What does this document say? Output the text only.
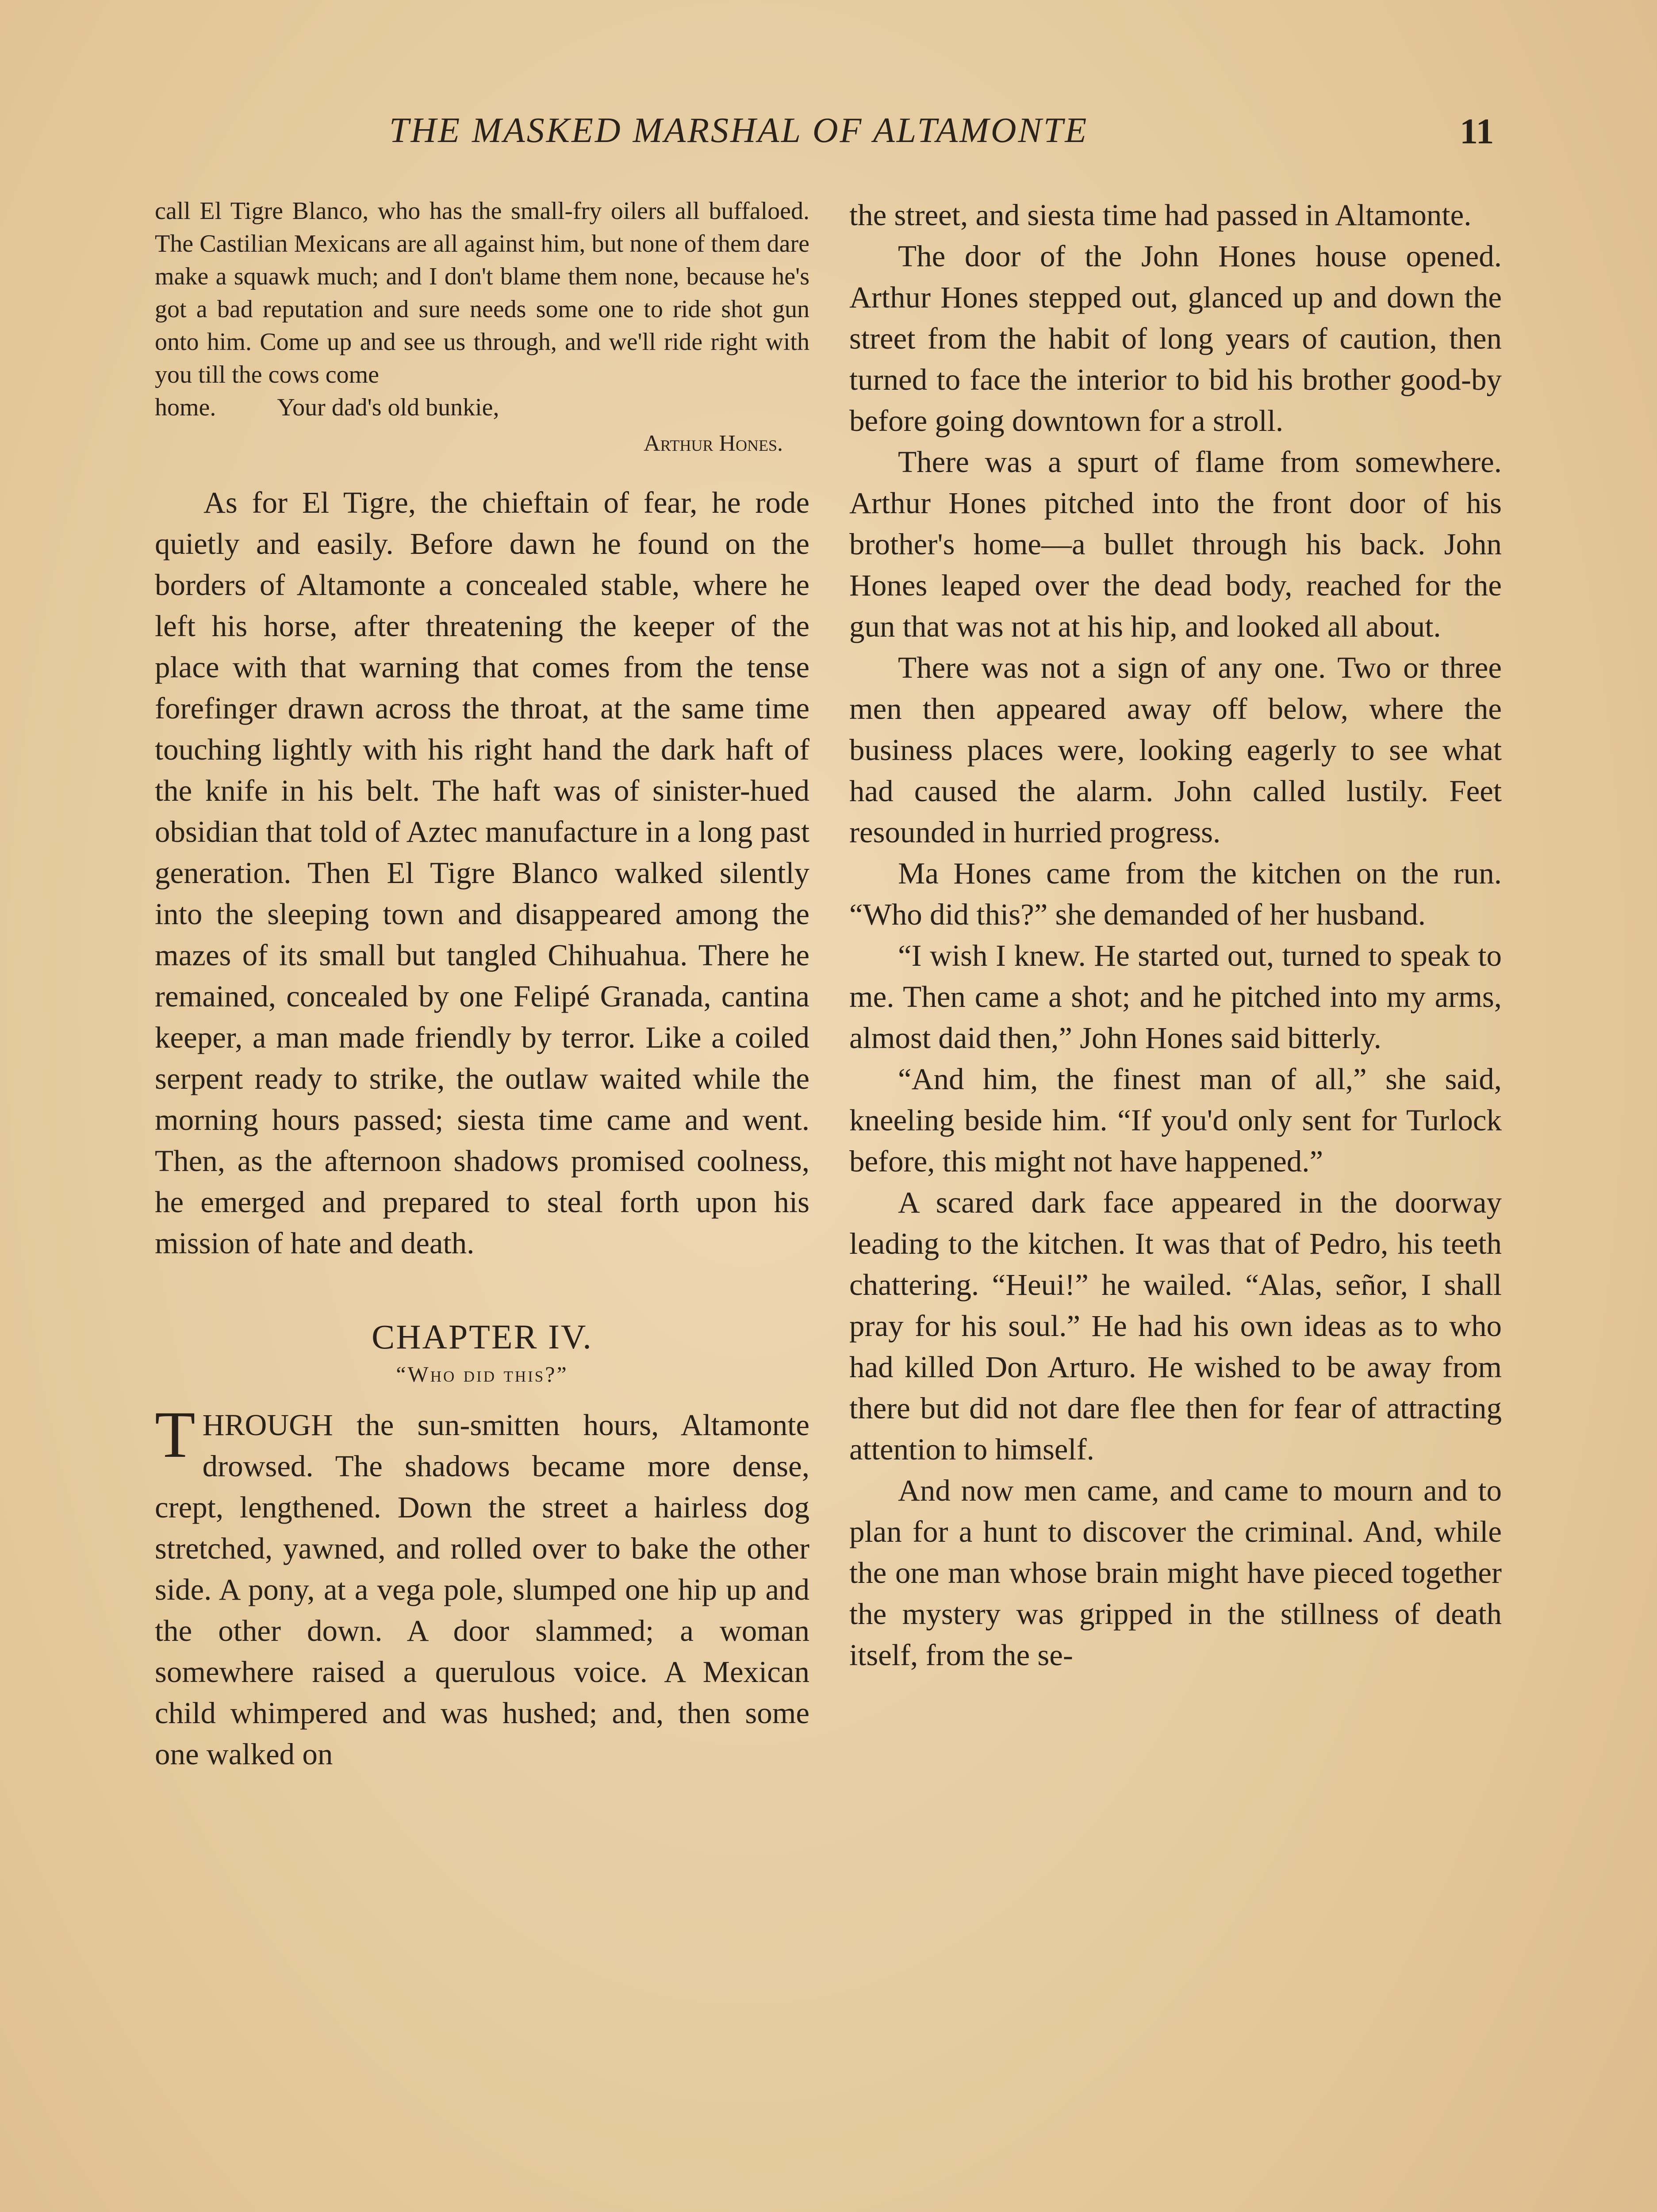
THE MASKED MARSHAL OF ALTAMONTE	11

call El Tigre Blanco, who has the small-fry oilers all buffaloed. The Castilian Mexicans are all against him, but none of them dare make a squawk much; and I don't blame them none, because he's got a bad reputation and sure needs some one to ride shot gun onto him. Come up and see us through, and we'll ride right with you till the cows come

home.          Your dad's old bunkie,

Arthur Hones.

As for El Tigre, the chieftain of fear, he rode quietly and easily. Before dawn he found on the borders of Altamonte a concealed stable, where he left his horse, after threatening the keeper of the place with that warning that comes from the tense forefinger drawn across the throat, at the same time touching lightly with his right hand the dark haft of the knife in his belt. The haft was of sinister-hued obsidian that told of Aztec manufacture in a long past generation. Then El Tigre Blanco walked silently into the sleeping town and disappeared among the mazes of its small but tangled Chihuahua. There he remained, concealed by one Felipé Granada, cantina keeper, a man made friendly by terror. Like a coiled serpent ready to strike, the outlaw waited while the morning hours passed; siesta time came and went. Then, as the afternoon shadows promised coolness, he emerged and prepared to steal forth upon his mission of hate and death.

CHAPTER IV.
“Who did this?”

THROUGH the sun-smitten hours, Altamonte drowsed. The shadows became more dense, crept, lengthened. Down the street a hairless dog stretched, yawned, and rolled over to bake the other side. A pony, at a vega pole, slumped one hip up and the other down. A door slammed; a woman somewhere raised a querulous voice. A Mexican child whimpered and was hushed; and, then some one walked on

the street, and siesta time had passed in Altamonte.

The door of the John Hones house opened. Arthur Hones stepped out, glanced up and down the street from the habit of long years of caution, then turned to face the interior to bid his brother good-by before going downtown for a stroll.

There was a spurt of flame from somewhere. Arthur Hones pitched into the front door of his brother's home—a bullet through his back. John Hones leaped over the dead body, reached for the gun that was not at his hip, and looked all about.

There was not a sign of any one. Two or three men then appeared away off below, where the business places were, looking eagerly to see what had caused the alarm. John called lustily. Feet resounded in hurried progress.

Ma Hones came from the kitchen on the run. “Who did this?” she demanded of her husband.

“I wish I knew. He started out, turned to speak to me. Then came a shot; and he pitched into my arms, almost daid then,” John Hones said bitterly.

“And him, the finest man of all,” she said, kneeling beside him. “If you'd only sent for Turlock before, this might not have happened.”

A scared dark face appeared in the doorway leading to the kitchen. It was that of Pedro, his teeth chattering. “Heui!” he wailed. “Alas, señor, I shall pray for his soul.” He had his own ideas as to who had killed Don Arturo. He wished to be away from there but did not dare flee then for fear of attracting attention to himself.

And now men came, and came to mourn and to plan for a hunt to discover the criminal. And, while the one man whose brain might have pieced together the mystery was gripped in the stillness of death itself, from the se-
